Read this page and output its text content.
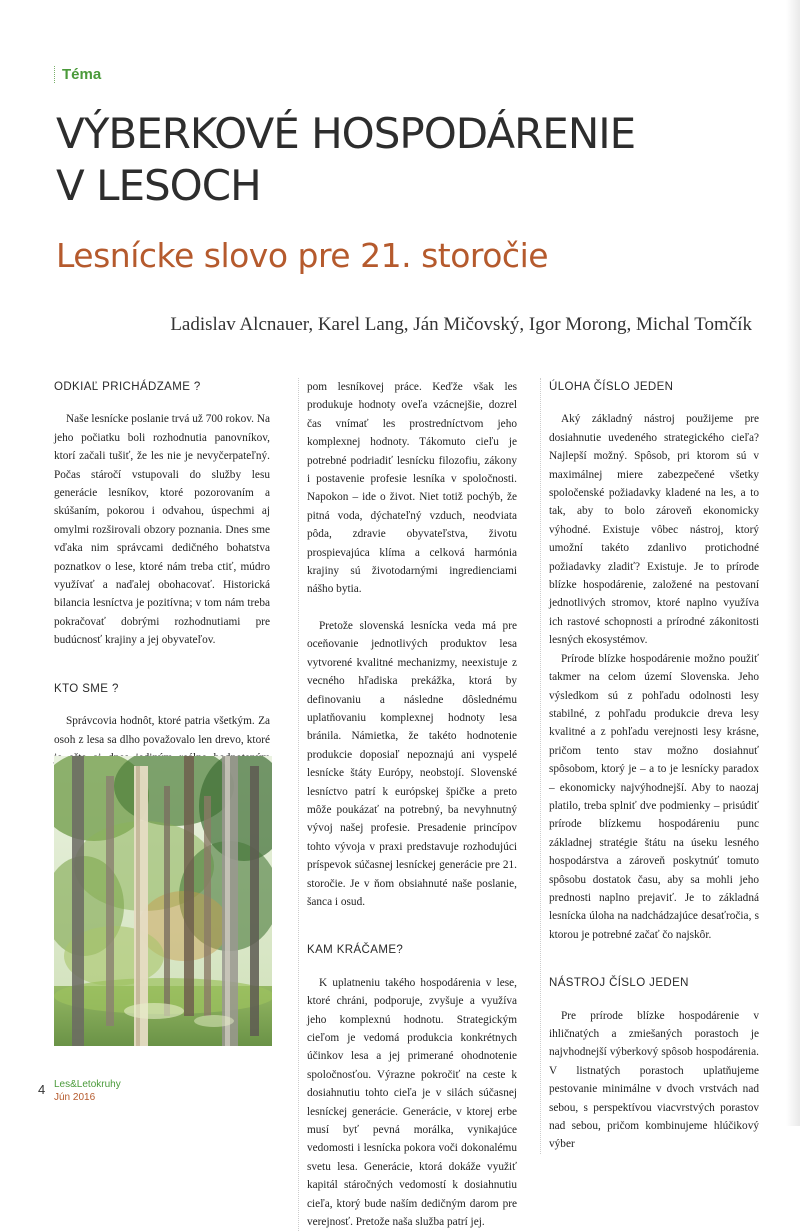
Téma
VÝBERKOVÉ HOSPODÁRENIE
V LESOCH
Lesnícke slovo pre 21. storočie
Ladislav Alcnauer, Karel Lang, Ján Mičovský, Igor Morong, Michal Tomčík
ODKIAĽ PRICHÁDZAME ?

Naše lesnícke poslanie trvá už 700 rokov. Na jeho počiatku boli rozhodnutia panovníkov, ktorí začali tušiť, že les nie je nevyčerpateľný. Počas stáročí vstupovali do služby lesu generácie lesníkov, ktoré pozorovaním a skúšaním, pokorou i odvahou, úspechmi aj omylmi rozširovali obzory poznania. Dnes sme vďaka nim správcami dedičného bohatstva poznatkov o lese, ktoré nám treba ctiť, múdro využívať a naďalej obohacovať. Historická bilancia lesníctva je pozitívna; v tom nám treba pokračovať dobrými rozhodnutiami pre budúcnosť krajiny a jej obyvateľov.

KTO SME ?

Správcovia hodnôt, ktoré patria všetkým. Za osoh z lesa sa dlho považovalo len drevo, ktoré

pom lesníkovej práce. Keďže však les produkuje hodnoty oveľa vzácnejšie, dozrel čas vnímať les prostredníctvom jeho komplexnej hodnoty. Tákomuto cieľu je potrebné podriadiť lesnícku filozofiu, zákony i postavenie profesie lesníka v spoločnosti. Napokon – ide o život. Niet totiž pochýb, že pitná voda, dýchateľný vzduch, neodviata pôda, zdravie obyvateľstva, životu prospievajúca klíma a celková harmónia krajiny sú životodarnými ingredienciami nášho bytia.

Pretože slovenská lesnícka veda má pre oceňovanie jednotlivých produktov lesa vytvorené kvalitné mechanizmy, neexistuje z vecného hľadiska prekážka, ktorá by definovaniu a následne dôslednému uplatňovaniu komplexnej hodnoty lesa bránila. Námietka, že takéto hodnotenie produkcie doposiaľ nepoznajú ani vyspelé lesnícke štáty Európy, neobstojí. Slovenské lesníctvo patrí k európskej špičke a preto môže poukázať na potrebný, ba nevyhnutný vývoj našej profesie. Presadenie princípov tohto vývoja v praxi predstavuje rozhodujúci príspevok súčasnej lesníckej generácie pre 21. storočie. Je v ňom obsiahnuté naše poslanie, šanca i osud.

KAM KRÁČAME?

K uplatneniu takého hospodárenia v lese, ktoré chráni, podporuje, zvyšuje a využíva jeho komplexnú hodnotu. Strategickým cieľom je vedomá produkcia konkrétnych účinkov lesa a jej primerané ohodnotenie spoločnosťou. Výrazne pokročiť na ceste k dosiahnutiu tohto cieľa je v silách súčasnej lesníckej generácie. Generácie, v ktorej erbe musí byť pevná morálka, vynikajúce vedomosti i lesnícka pokora voči dokonalému svetu lesa. Generácie, ktorá dokáže využiť kapitál stáročných vedomostí k dosiahnutiu cieľa, ktorý bude naším dedičným darom pre verejnosť. Pretože naša služba patrí jej.

ÚLOHA ČÍSLO JEDEN

Aký základný nástroj použijeme pre dosiahnutie uvedeného strategického cieľa? Najlepší možný. Spôsob, pri ktorom sú v maximálnej miere zabezpečené všetky spoločenské požiadavky kladené na les, a to tak, aby to bolo zároveň ekonomicky výhodné. Existuje vôbec nástroj, ktorý umožní takéto zdanlivo protichodné požiadavky zladiť? Existuje. Je to prírode blízke hospodárenie, založené na pestovaní jednotlivých stromov, ktoré naplno využíva ich rastové schopnosti a prírodné zákonitosti lesných ekosystémov.

Prírode blízke hospodárenie možno použiť takmer na celom území Slovenska. Jeho výsledkom sú z pohľadu odolnosti lesy stabilné, z pohľadu produkcie dreva lesy kvalitné a z pohľadu verejnosti lesy krásne, pričom tento stav možno dosiahnuť spôsobom, ktorý je – a to je lesnícky paradox – ekonomicky najvýhodnejší. Aby to naozaj platilo, treba splniť dve podmienky – prisúdiť prírode blízkemu hospodáreniu punc základnej stratégie štátu na úseku lesného hospodárstva a zároveň poskytnúť tomuto spôsobu dostatok času, aby sa mohli jeho prednosti naplno prejaviť. Je to základná lesnícka úloha na nadchádzajúce desaťročia, s ktorou je potrebné začať čo najskôr.

NÁSTROJ ČÍSLO JEDEN

Pre prírode blízke hospodárenie v ihličnatých a zmiešaných porastoch je najvhodnejší výberkový spôsob hospodárenia. V listnatých porastoch uplatňujeme pestovanie minimálne v dvoch vrstvách nad sebou, s perspektívou viacvrstvých porastov nad sebou, pričom kombinujeme hlúčikový výber

4 Les&Letokruhy
Jún 2016
